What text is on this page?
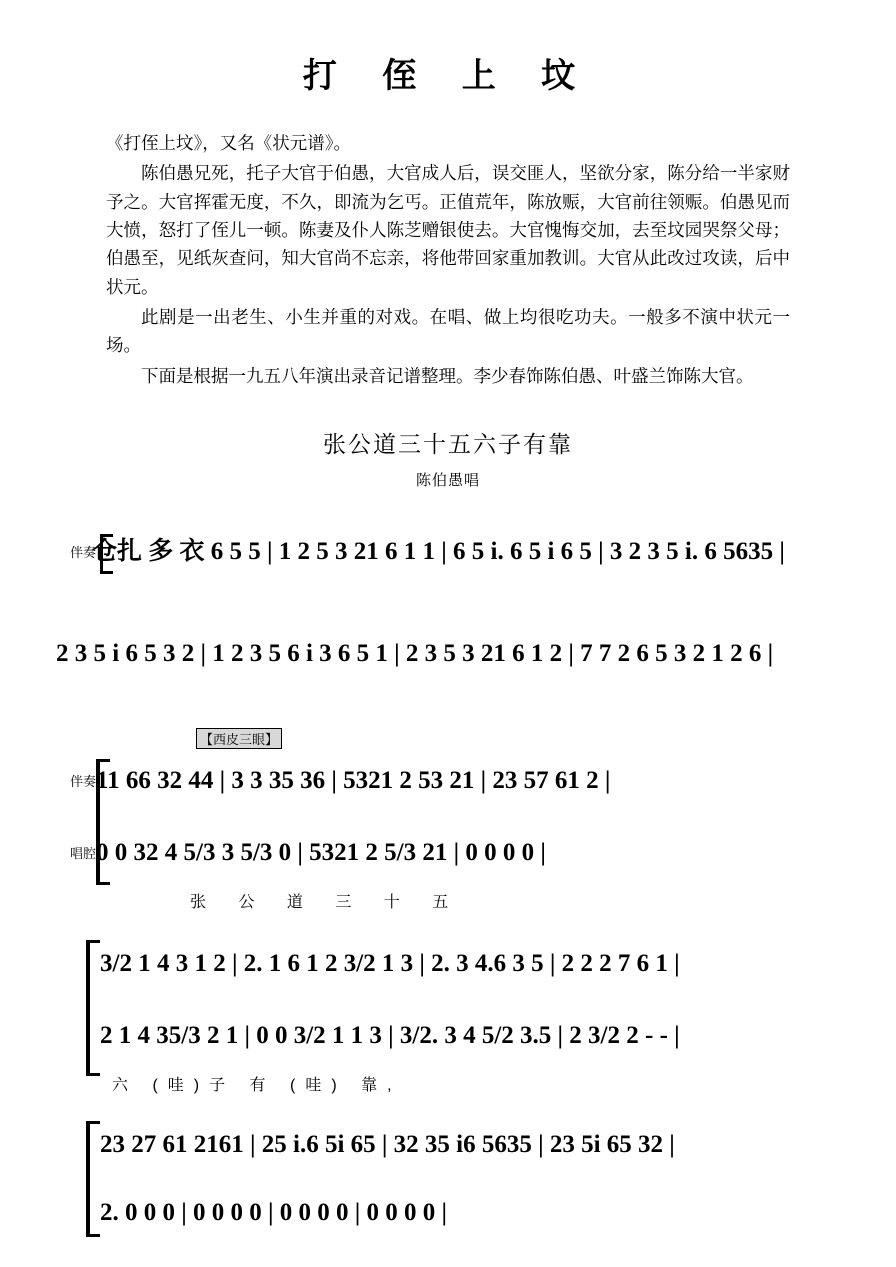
打 侄 上 坟

《打侄上坟》，又名《状元谱》。

陈伯愚兄死，托子大官于伯愚，大官成人后，误交匪人，坚欲分家，陈分给一半家财予之。大官挥霍无度，不久，即流为乞丐。正值荒年，陈放赈，大官前往领赈。伯愚见而大愤，怒打了侄儿一顿。陈妻及仆人陈芝赠银使去。大官愧悔交加，去至坟园哭祭父母；伯愚至，见纸灰查问，知大官尚不忘亲，将他带回家重加教训。大官从此改过攻读，后中状元。

此剧是一出老生、小生并重的对戏。在唱、做上均很吃功夫。一般多不演中状元一场。

下面是根据一九五八年演出录音记谱整理。李少春饰陈伯愚、叶盛兰饰陈大官。

张公道三十五六子有靠
陈伯愚唱
伴奏
仓扎 多 衣 6 5 5 | 1 2 5 3 21 6 1 1 | 6 5 i. 6 5 i 6 5 | 3 2 3 5 i. 6 5635 |
2 3 5 i 6 5 3 2 | 1 2 3 5 6 i 3 6 5 1 | 2 3 5 3 21 6 1 2 | 7 7 2 6 5 3 2 1 2 6 |
【西皮三眼】
伴奏 11 66 32 44 | 3 3 35 36 | 5321 2 53 21 | 23 57 61 2 |
唱腔 0 0 32 4 5/3 3 5/3 0 | 5321 2 5/3 21 | 0 0 0 0 |
张 公 道 三 十 五
3/2 1 4 3 1 2 | 2. 1 6 1 2 3/2 1 3 | 2. 3 4.6 3 5 | 2 2 2 7 6 1 |
2 1 4 35/3 2 1 | 0 0 3/2 1 1 3 | 3/2. 3 4 5/2 3.5 | 2 3/2 2 - - |
六 (哇)子 有 (哇) 靠,
23 27 61 2161 | 25 i.6 5i 65 | 32 35 i6 5635 | 23 5i 65 32 |
2. 0 0 0 | 0 0 0 0 | 0 0 0 0 | 0 0 0 0 |
